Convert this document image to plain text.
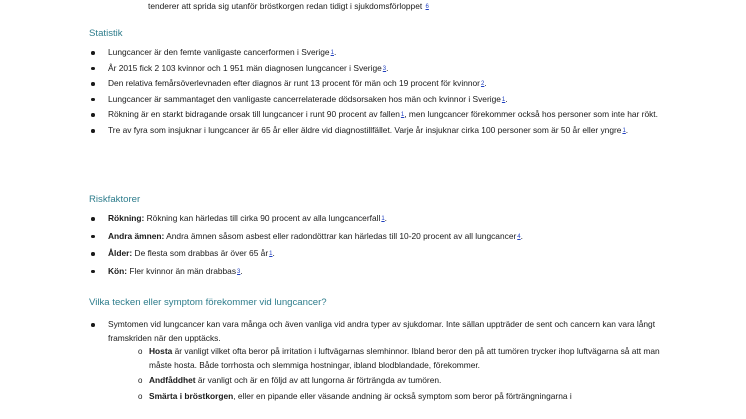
tenderer att sprida sig utanför bröstkorgen redan tidigt i sjukdomsförloppet 6
Statistik
Lungcancer är den femte vanligaste cancerformen i Sverige1.
År 2015 fick 2 103 kvinnor och 1 951 män diagnosen lungcancer i Sverige3.
Den relativa femårsöverlevnaden efter diagnos är runt 13 procent för män och 19 procent för kvinnor2.
Lungcancer är sammantaget den vanligaste cancerrelaterade dödsorsaken hos män och kvinnor i Sverige1.
Rökning är en starkt bidragande orsak till lungcancer i runt 90 procent av fallen1, men lungcancer förekommer också hos personer som inte har rökt.
Tre av fyra som insjuknar i lungcancer är 65 år eller äldre vid diagnostillfället. Varje år insjuknar cirka 100 personer som är 50 år eller yngre1.
Riskfaktorer
Rökning: Rökning kan härledas till cirka 90 procent av alla lungcancerfall1.
Andra ämnen: Andra ämnen såsom asbest eller radondöttrar kan härledas till 10-20 procent av all lungcancer4.
Ålder: De flesta som drabbas är över 65 år1.
Kön: Fler kvinnor än män drabbas3.
Vilka tecken eller symptom förekommer vid lungcancer?
Symtomen vid lungcancer kan vara många och även vanliga vid andra typer av sjukdomar. Inte sällan uppträder de sent och cancern kan vara långt framskriden när den upptäcks.
o Hosta är vanligt vilket ofta beror på irritation i luftvägarnas slemhinnor. Ibland beror den på att tumören trycker ihop luftvägarna så att man måste hosta. Både torrhosta och slemmiga hostningar, ibland blodblandade, förekommer.
o Andfåddhet är vanligt och är en följd av att lungorna är förträngda av tumören.
o Smärta i bröstkorgen, eller en pipande eller väsande andning är också symptom som beror på förträngningarna i
